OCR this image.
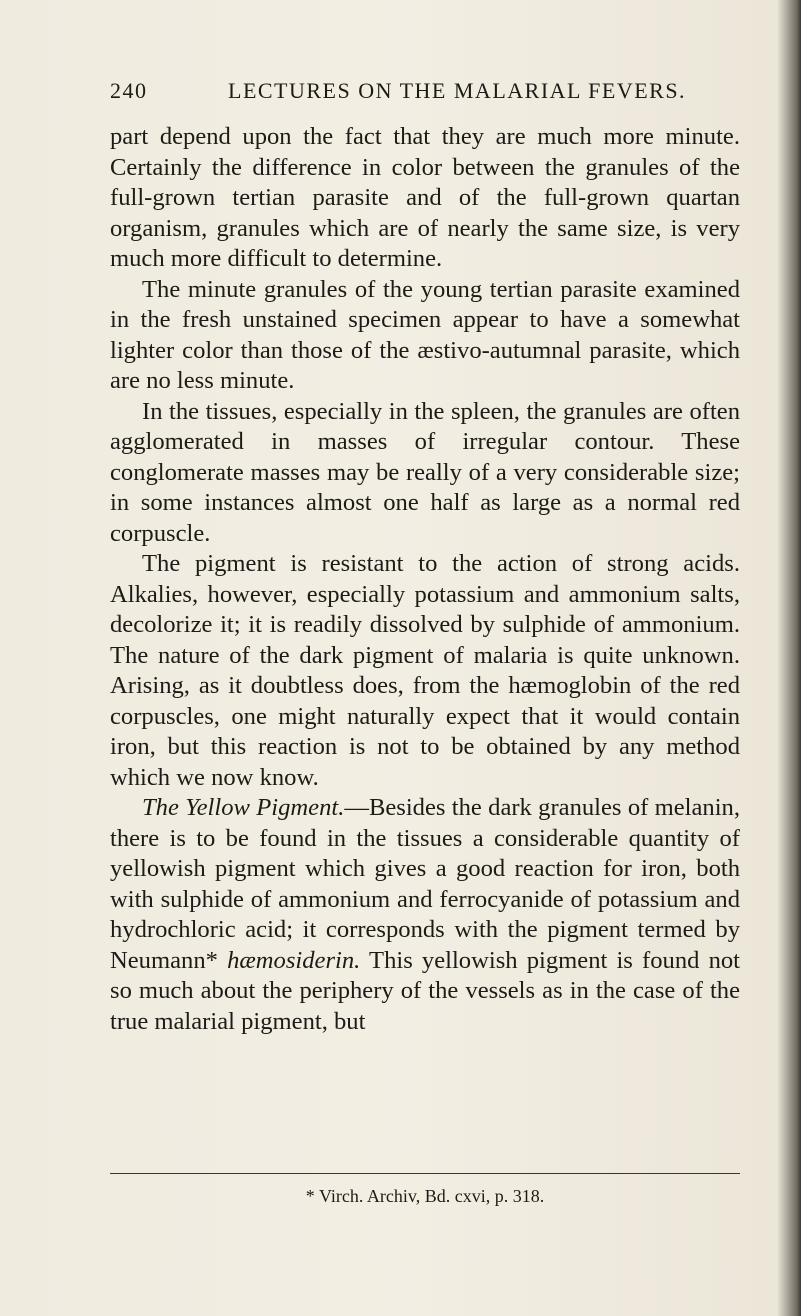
240	LECTURES ON THE MALARIAL FEVERS.

part depend upon the fact that they are much more minute. Certainly the difference in color between the granules of the full-grown tertian parasite and of the full-grown quartan organism, granules which are of nearly the same size, is very much more difficult to determine.

The minute granules of the young tertian parasite examined in the fresh unstained specimen appear to have a somewhat lighter color than those of the æstivo-autumnal parasite, which are no less minute.

In the tissues, especially in the spleen, the granules are often agglomerated in masses of irregular contour. These conglomerate masses may be really of a very considerable size; in some instances almost one half as large as a normal red corpuscle.

The pigment is resistant to the action of strong acids. Alkalies, however, especially potassium and ammonium salts, decolorize it; it is readily dissolved by sulphide of ammonium. The nature of the dark pigment of malaria is quite unknown. Arising, as it doubtless does, from the hæmoglobin of the red corpuscles, one might naturally expect that it would contain iron, but this reaction is not to be obtained by any method which we now know.

The Yellow Pigment.—Besides the dark granules of melanin, there is to be found in the tissues a considerable quantity of yellowish pigment which gives a good reaction for iron, both with sulphide of ammonium and ferrocyanide of potassium and hydrochloric acid; it corresponds with the pigment termed by Neumann* hæmosiderin. This yellowish pigment is found not so much about the periphery of the vessels as in the case of the true malarial pigment, but

* Virch. Archiv, Bd. cxvi, p. 318.
